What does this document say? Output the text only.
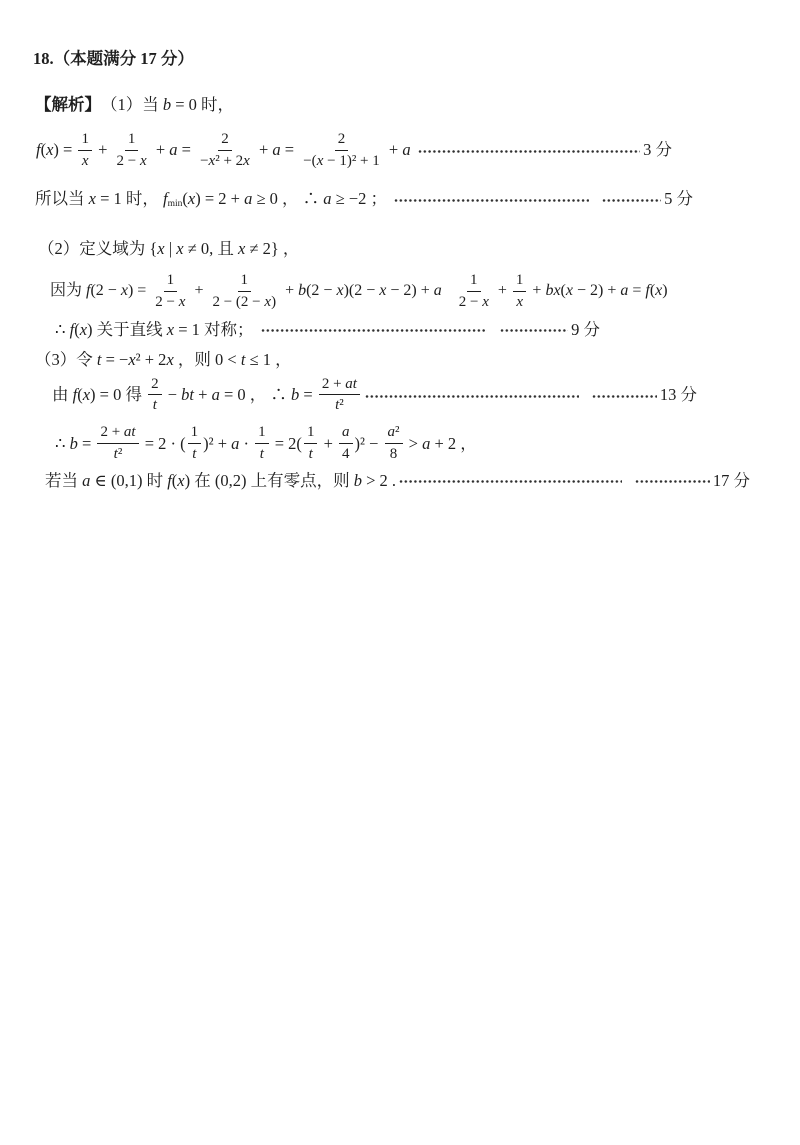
18.（本题满分 17 分）
【解析】 （1）当 b = 0 时，
f ( x ) = $\frac{1}{x} + \frac{1}{2 - x} + a = \frac{2}{\text{− x ² + 2 x}} + a = \frac{2}{\text{−( x − 1)² + 1}} + a$
	3 分
所以当 x = 1 时， f min ( x ) = 2 + a ≥ 0 ， ∴ a ≥ −2 ；	5 分
（2）定义域为 { x | x ≠ 0, 且 x ≠ 2} ，
因为 f (2 − x ) = $\frac{1}{2 - x} + \frac{1}{2 - (2 - x )} + b$ (2 − x )(2 − x − 2) + a $\frac{1}{2 - x} + \frac{1}{x}$ + bx ( x − 2) + a = f ( x )
∴ f ( x ) 关于直线 x = 1 对称；	9 分
（3）令 t = − x ² + 2 x ，则 0 < t ≤ 1 ，
由 f ( x ) = 0 得 $\frac{2}{t}$ − bt + a = 0 ， ∴ $b = \frac{2 + at}{\text{t ²}}$	13 分
∴ $b = \frac{2 + at}{\text{t ²}} = 2$ · ( $\frac{1}{t} )^2 + a \cdot \frac{1}{t} = 2( \frac{1}{t} + \frac{a}{4} )^2 - \frac{\text{a ²}}{8} > a + 2$ ，
若当 a ∈ (0,1) 时 f ( x ) 在 (0,2) 上有零点，则 b > 2 .	17 分
